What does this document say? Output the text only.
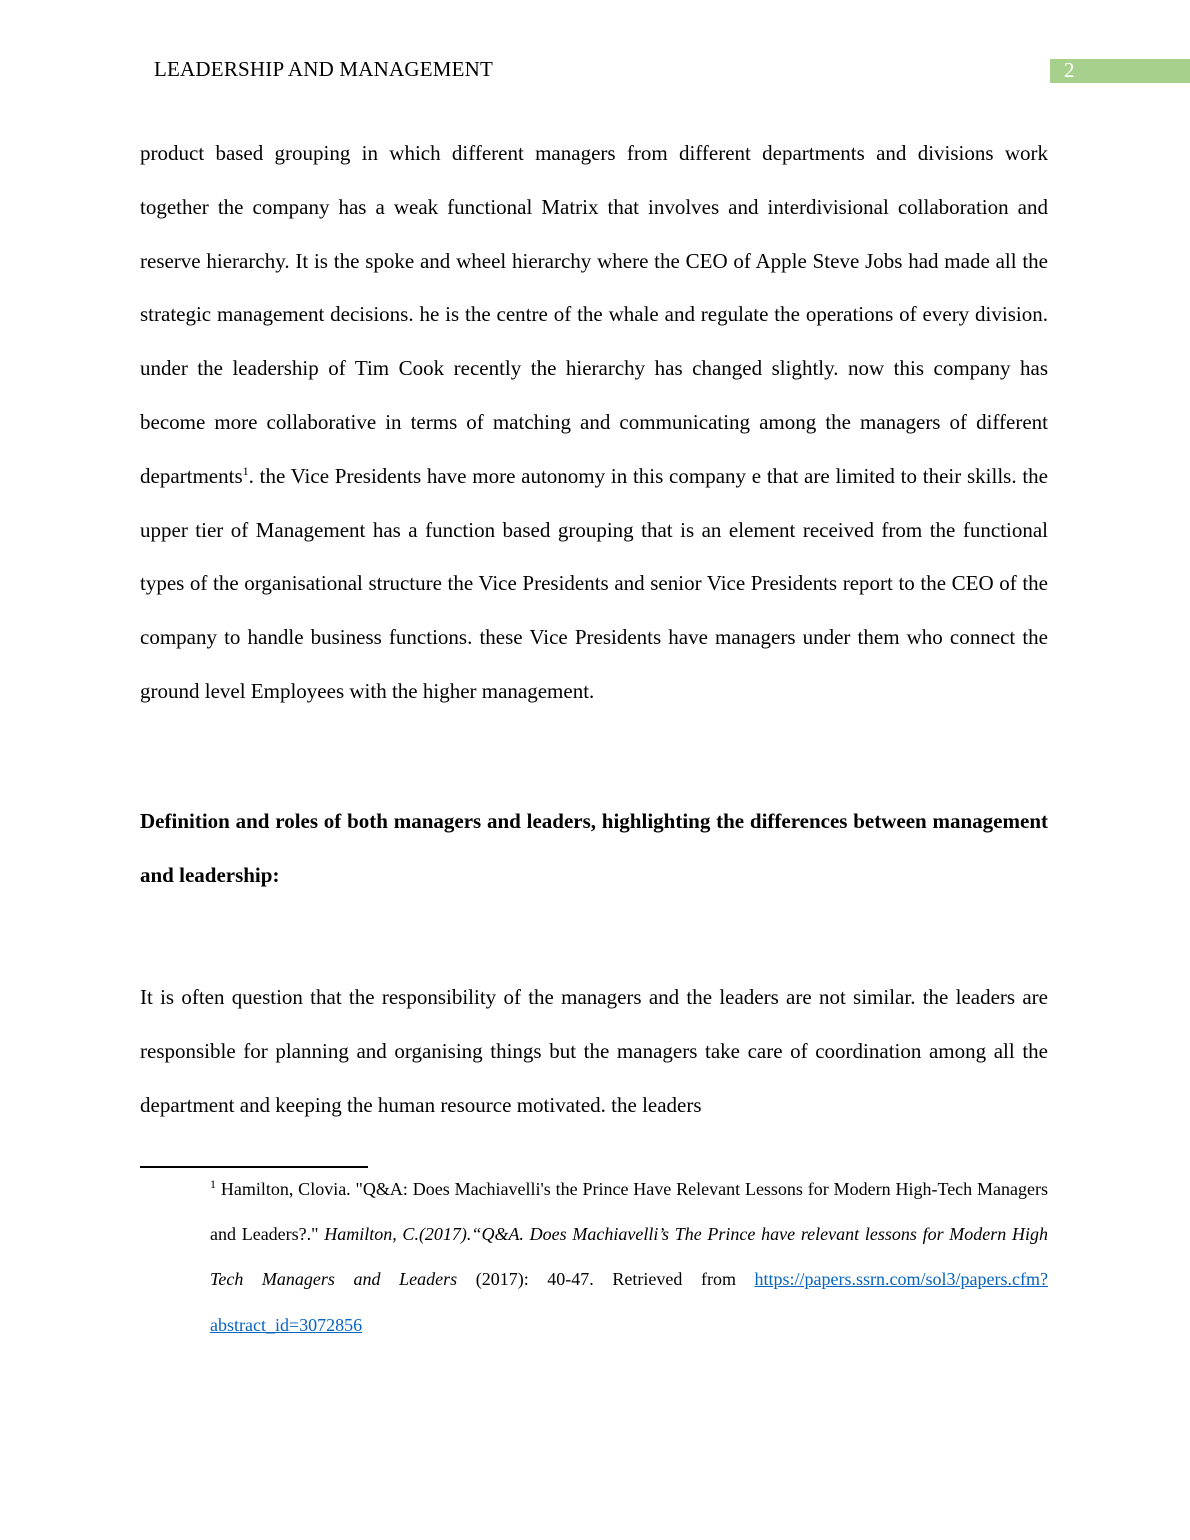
LEADERSHIP AND MANAGEMENT	2

product based grouping in which different managers from different departments and divisions work together the company has a weak functional Matrix that involves and interdivisional collaboration and reserve hierarchy. It is the spoke and wheel hierarchy where the CEO of Apple Steve Jobs had made all the strategic management decisions. he is the centre of the whale and regulate the operations of every division. under the leadership of Tim Cook recently the hierarchy has changed slightly. now this company has become more collaborative in terms of matching and communicating among the managers of different departments$^1$. the Vice Presidents have more autonomy in this company e that are limited to their skills. the upper tier of Management has a function based grouping that is an element received from the functional types of the organisational structure the Vice Presidents and senior Vice Presidents report to the CEO of the company to handle business functions. these Vice Presidents have managers under them who connect the ground level Employees with the higher management.

Definition and roles of both managers and leaders, highlighting the differences between management and leadership:

It is often question that the responsibility of the managers and the leaders are not similar. the leaders are responsible for planning and organising things but the managers take care of coordination among all the department and keeping the human resource motivated. the leaders

$^1$ Hamilton, Clovia. "Q&A: Does Machiavelli's the Prince Have Relevant Lessons for Modern High-Tech Managers and Leaders?." Hamilton, C.(2017).“Q&A. Does Machiavelli’s The Prince have relevant lessons for Modern High Tech Managers and Leaders (2017): 40-47. Retrieved from https://papers.ssrn.com/sol3/papers.cfm?abstract_id=3072856
